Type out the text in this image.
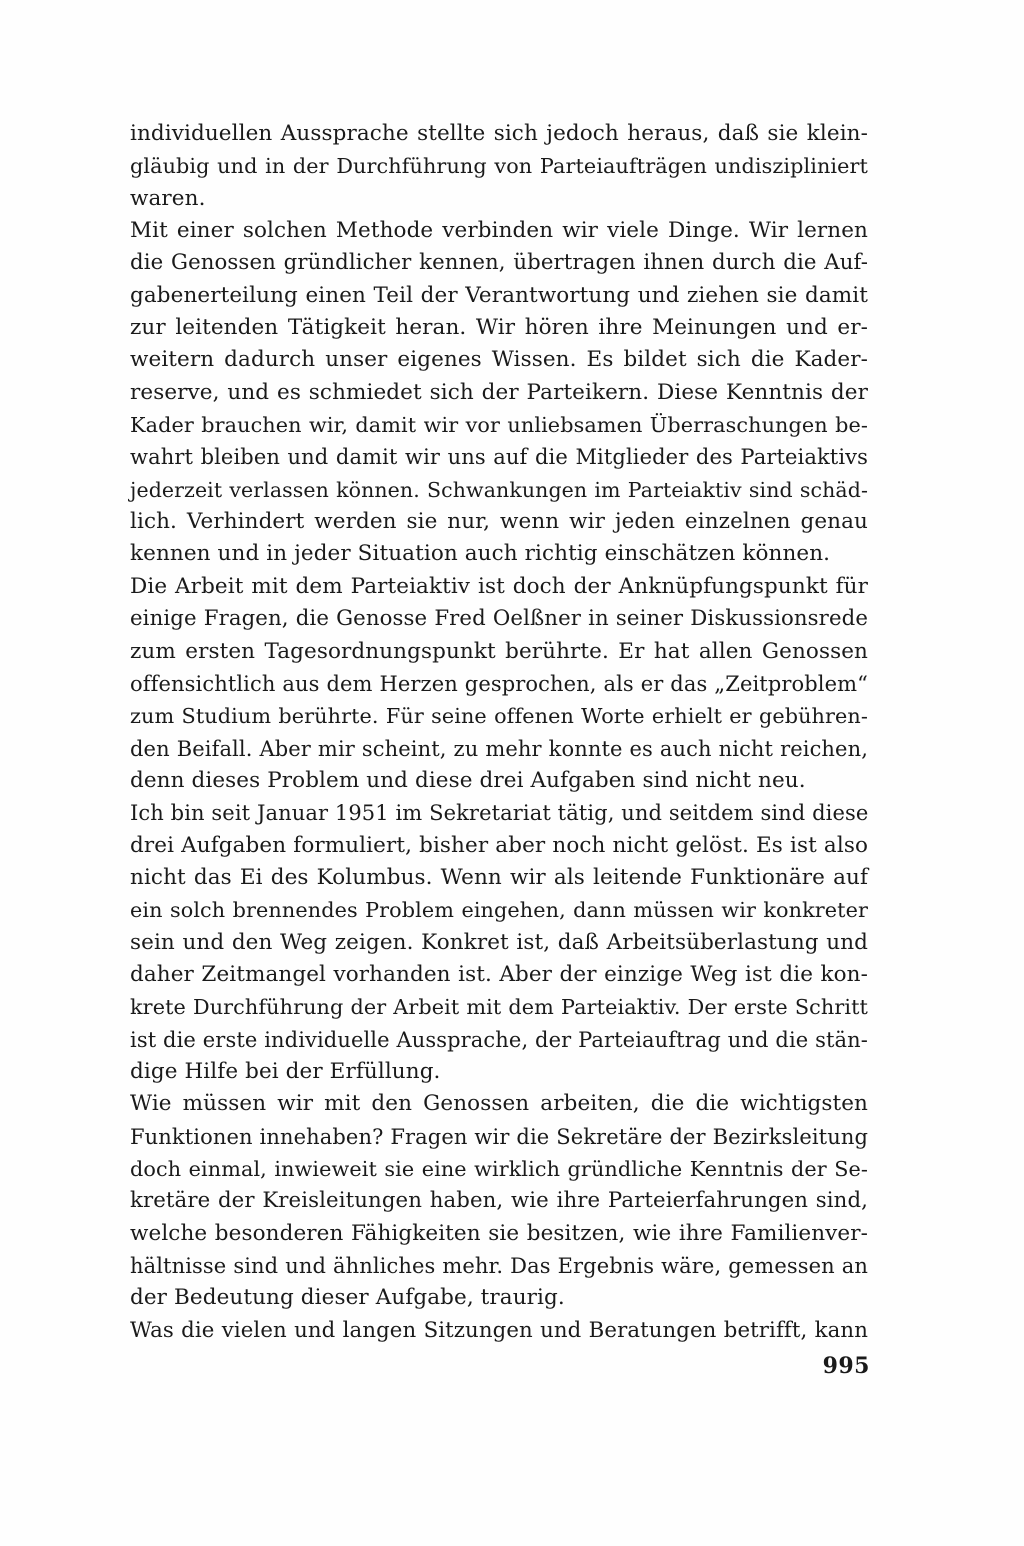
individuellen Aussprache stellte sich jedoch heraus, daß sie klein-
gläubig und in der Durchführung von Parteiaufträgen undiszipliniert
waren.
Mit einer solchen Methode verbinden wir viele Dinge. Wir lernen
die Genossen gründlicher kennen, übertragen ihnen durch die Auf-
gabenerteilung einen Teil der Verantwortung und ziehen sie damit
zur leitenden Tätigkeit heran. Wir hören ihre Meinungen und er-
weitern dadurch unser eigenes Wissen. Es bildet sich die Kader-
reserve, und es schmiedet sich der Parteikern. Diese Kenntnis der
Kader brauchen wir, damit wir vor unliebsamen Überraschungen be-
wahrt bleiben und damit wir uns auf die Mitglieder des Parteiaktivs
jederzeit verlassen können. Schwankungen im Parteiaktiv sind schäd-
lich. Verhindert werden sie nur, wenn wir jeden einzelnen genau
kennen und in jeder Situation auch richtig einschätzen können.
Die Arbeit mit dem Parteiaktiv ist doch der Anknüpfungspunkt für
einige Fragen, die Genosse Fred Oelßner in seiner Diskussionsrede
zum ersten Tagesordnungspunkt berührte. Er hat allen Genossen
offensichtlich aus dem Herzen gesprochen, als er das „Zeitproblem“
zum Studium berührte. Für seine offenen Worte erhielt er gebühren-
den Beifall. Aber mir scheint, zu mehr konnte es auch nicht reichen,
denn dieses Problem und diese drei Aufgaben sind nicht neu.
Ich bin seit Januar 1951 im Sekretariat tätig, und seitdem sind diese
drei Aufgaben formuliert, bisher aber noch nicht gelöst. Es ist also
nicht das Ei des Kolumbus. Wenn wir als leitende Funktionäre auf
ein solch brennendes Problem eingehen, dann müssen wir konkreter
sein und den Weg zeigen. Konkret ist, daß Arbeitsüberlastung und
daher Zeitmangel vorhanden ist. Aber der einzige Weg ist die kon-
krete Durchführung der Arbeit mit dem Parteiaktiv. Der erste Schritt
ist die erste individuelle Aussprache, der Parteiauftrag und die stän-
dige Hilfe bei der Erfüllung.
Wie müssen wir mit den Genossen arbeiten, die die wichtigsten
Funktionen innehaben? Fragen wir die Sekretäre der Bezirksleitung
doch einmal, inwieweit sie eine wirklich gründliche Kenntnis der Se-
kretäre der Kreisleitungen haben, wie ihre Parteierfahrungen sind,
welche besonderen Fähigkeiten sie besitzen, wie ihre Familienver-
hältnisse sind und ähnliches mehr. Das Ergebnis wäre, gemessen an
der Bedeutung dieser Aufgabe, traurig.
Was die vielen und langen Sitzungen und Beratungen betrifft, kann
995
